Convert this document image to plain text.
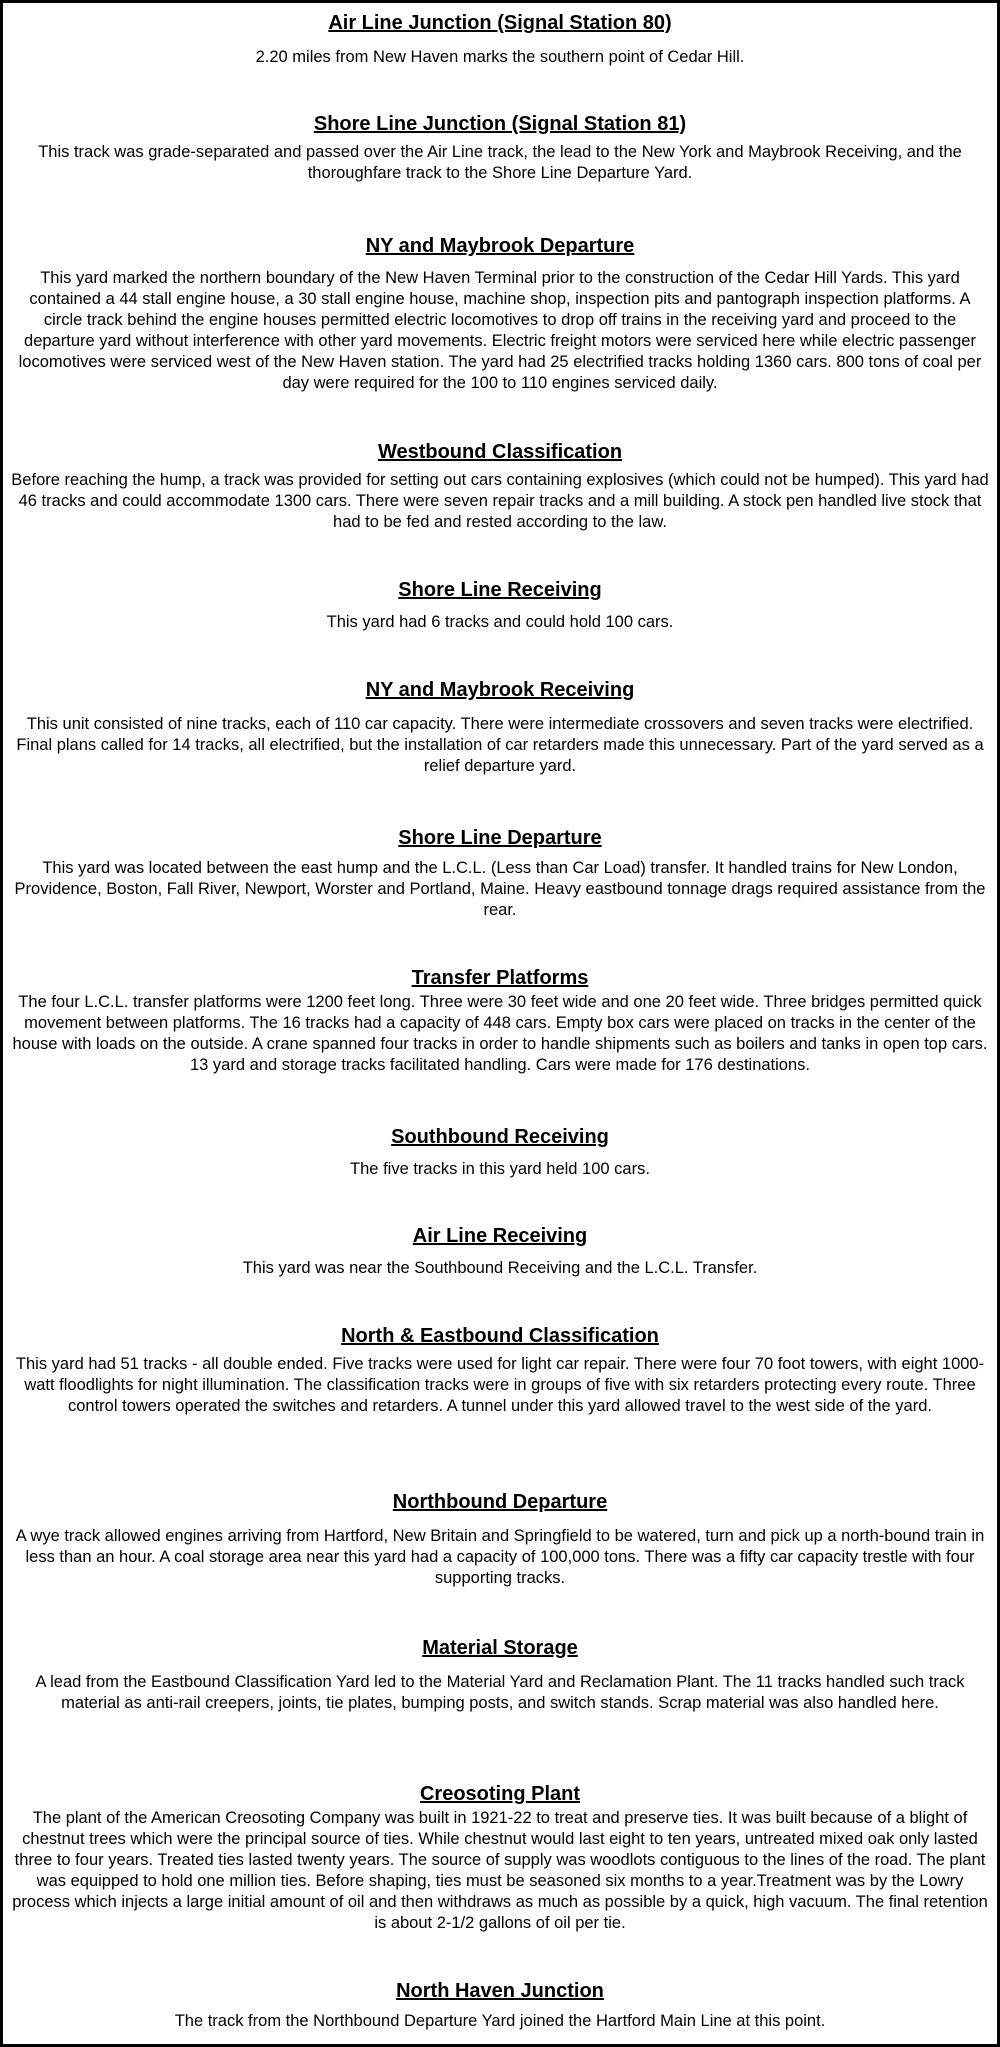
Air Line Junction (Signal Station 80)
2.20 miles from New Haven marks the southern point of Cedar Hill.
Shore Line Junction (Signal Station 81)
This track was grade-separated and passed over the Air Line track, the lead to the New York and Maybrook Receiving, and the thoroughfare track to the Shore Line Departure Yard.
NY and Maybrook Departure
This yard marked the northern boundary of the New Haven Terminal prior to the construction of the Cedar Hill Yards. This yard contained a 44 stall engine house, a 30 stall engine house, machine shop, inspection pits and pantograph inspection platforms. A circle track behind the engine houses permitted electric locomotives to drop off trains in the receiving yard and proceed to the departure yard without interference with other yard movements. Electric freight motors were serviced here while electric passenger locomotives were serviced west of the New Haven station. The yard had 25 electrified tracks holding 1360 cars. 800 tons of coal per day were required for the 100 to 110 engines serviced daily.
Westbound Classification
Before reaching the hump, a track was provided for setting out cars containing explosives (which could not be humped). This yard had 46 tracks and could accommodate 1300 cars. There were seven repair tracks and a mill building. A stock pen handled live stock that had to be fed and rested according to the law.
Shore Line Receiving
This yard had 6 tracks and could hold 100 cars.
NY and Maybrook Receiving
This unit consisted of nine tracks, each of 110 car capacity. There were intermediate crossovers and seven tracks were electrified. Final plans called for 14 tracks, all electrified, but the installation of car retarders made this unnecessary. Part of the yard served as a relief departure yard.
Shore Line Departure
This yard was located between the east hump and the L.C.L. (Less than Car Load) transfer. It handled trains for New London, Providence, Boston, Fall River, Newport, Worster and Portland, Maine. Heavy eastbound tonnage drags required assistance from the rear.
Transfer Platforms
The four L.C.L. transfer platforms were 1200 feet long. Three were 30 feet wide and one 20 feet wide. Three bridges permitted quick movement between platforms. The 16 tracks had a capacity of 448 cars. Empty box cars were placed on tracks in the center of the house with loads on the outside. A crane spanned four tracks in order to handle shipments such as boilers and tanks in open top cars. 13 yard and storage tracks facilitated handling. Cars were made for 176 destinations.
Southbound Receiving
The five tracks in this yard held 100 cars.
Air Line Receiving
This yard was near the Southbound Receiving and the L.C.L. Transfer.
North & Eastbound Classification
This yard had 51 tracks - all double ended. Five tracks were used for light car repair. There were four 70 foot towers, with eight 1000-watt floodlights for night illumination. The classification tracks were in groups of five with six retarders protecting every route. Three control towers operated the switches and retarders. A tunnel under this yard allowed travel to the west side of the yard.
Northbound Departure
A wye track allowed engines arriving from Hartford, New Britain and Springfield to be watered, turn and pick up a north-bound train in less than an hour. A coal storage area near this yard had a capacity of 100,000 tons. There was a fifty car capacity trestle with four supporting tracks.
Material Storage
A lead from the Eastbound Classification Yard led to the Material Yard and Reclamation Plant. The 11 tracks handled such track material as anti-rail creepers, joints, tie plates, bumping posts, and switch stands. Scrap material was also handled here.
Creosoting Plant
The plant of the American Creosoting Company was built in 1921-22 to treat and preserve ties. It was built because of a blight of chestnut trees which were the principal source of ties. While chestnut would last eight to ten years, untreated mixed oak only lasted three to four years. Treated ties lasted twenty years. The source of supply was woodlots contiguous to the lines of the road. The plant was equipped to hold one million ties. Before shaping, ties must be seasoned six months to a year.Treatment was by the Lowry process which injects a large initial amount of oil and then withdraws as much as possible by a quick, high vacuum. The final retention is about 2-1/2 gallons of oil per tie.
North Haven Junction
The track from the Northbound Departure Yard joined the Hartford Main Line at this point.
